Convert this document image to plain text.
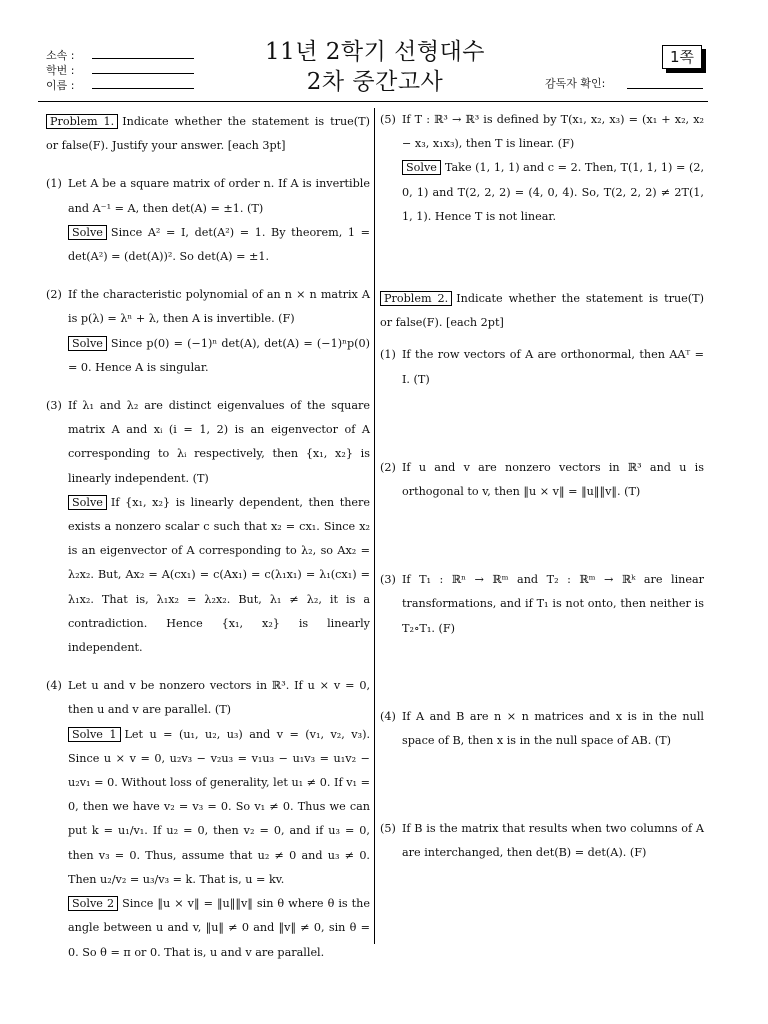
소속 :
학번 :
이름 :
11년 2학기 선형대수
2차 중간고사
1쪽
감독자 확인:

Problem 1. Indicate whether the statement is true(T) or false(F). Justify your answer. [each 3pt]

(1) Let A be a square matrix of order n. If A is invertible and A⁻¹ = A, then det(A) = ±1. (T)

Solve Since A² = I, det(A²) = 1. By theorem, 1 = det(A²) = (det(A))². So det(A) = ±1.

(2) If the characteristic polynomial of an n × n matrix A is p(λ) = λⁿ + λ, then A is invertible. (F)

Solve Since p(0) = (−1)ⁿ det(A), det(A) = (−1)ⁿp(0) = 0. Hence A is singular.

(3) If λ₁ and λ₂ are distinct eigenvalues of the square matrix A and xᵢ (i = 1, 2) is an eigenvector of A corresponding to λᵢ respectively, then {x₁, x₂} is linearly independent. (T)

Solve If {x₁, x₂} is linearly dependent, then there exists a nonzero scalar c such that x₂ = cx₁. Since x₂ is an eigenvector of A corresponding to λ₂, so Ax₂ = λ₂x₂. But, Ax₂ = A(cx₁) = c(Ax₁) = c(λ₁x₁) = λ₁(cx₁) = λ₁x₂. That is, λ₁x₂ = λ₂x₂. But, λ₁ ≠ λ₂, it is a contradiction. Hence {x₁, x₂} is linearly independent.

(4) Let u and v be nonzero vectors in ℝ³. If u × v = 0, then u and v are parallel. (T)

Solve 1 Let u = (u₁, u₂, u₃) and v = (v₁, v₂, v₃). Since u × v = 0, u₂v₃ − v₂u₃ = v₁u₃ − u₁v₃ = u₁v₂ − u₂v₁ = 0. Without loss of generality, let u₁ ≠ 0. If v₁ = 0, then we have v₂ = v₃ = 0. So v₁ ≠ 0. Thus we can put k = u₁/v₁. If u₂ = 0, then v₂ = 0, and if u₃ = 0, then v₃ = 0. Thus, assume that u₂ ≠ 0 and u₃ ≠ 0. Then u₂/v₂ = u₃/v₃ = k. That is, u = kv.

Solve 2 Since ‖u × v‖ = ‖u‖‖v‖ sin θ where θ is the angle between u and v, ‖u‖ ≠ 0 and ‖v‖ ≠ 0, sin θ = 0. So θ = π or 0. That is, u and v are parallel.

(5) If T : ℝ³ → ℝ³ is defined by T(x₁, x₂, x₃) = (x₁ + x₂, x₂ − x₃, x₁x₃), then T is linear. (F)

Solve Take (1, 1, 1) and c = 2. Then, T(1, 1, 1) = (2, 0, 1) and T(2, 2, 2) = (4, 0, 4). So, T(2, 2, 2) ≠ 2T(1, 1, 1). Hence T is not linear.

Problem 2. Indicate whether the statement is true(T) or false(F). [each 2pt]

(1) If the row vectors of A are orthonormal, then AAᵀ = I. (T)

(2) If u and v are nonzero vectors in ℝ³ and u is orthogonal to v, then ‖u × v‖ = ‖u‖‖v‖. (T)

(3) If T₁ : ℝⁿ → ℝᵐ and T₂ : ℝᵐ → ℝᵏ are linear transformations, and if T₁ is not onto, then neither is T₂∘T₁. (F)

(4) If A and B are n × n matrices and x is in the null space of B, then x is in the null space of AB. (T)

(5) If B is the matrix that results when two columns of A are interchanged, then det(B) = det(A). (F)
